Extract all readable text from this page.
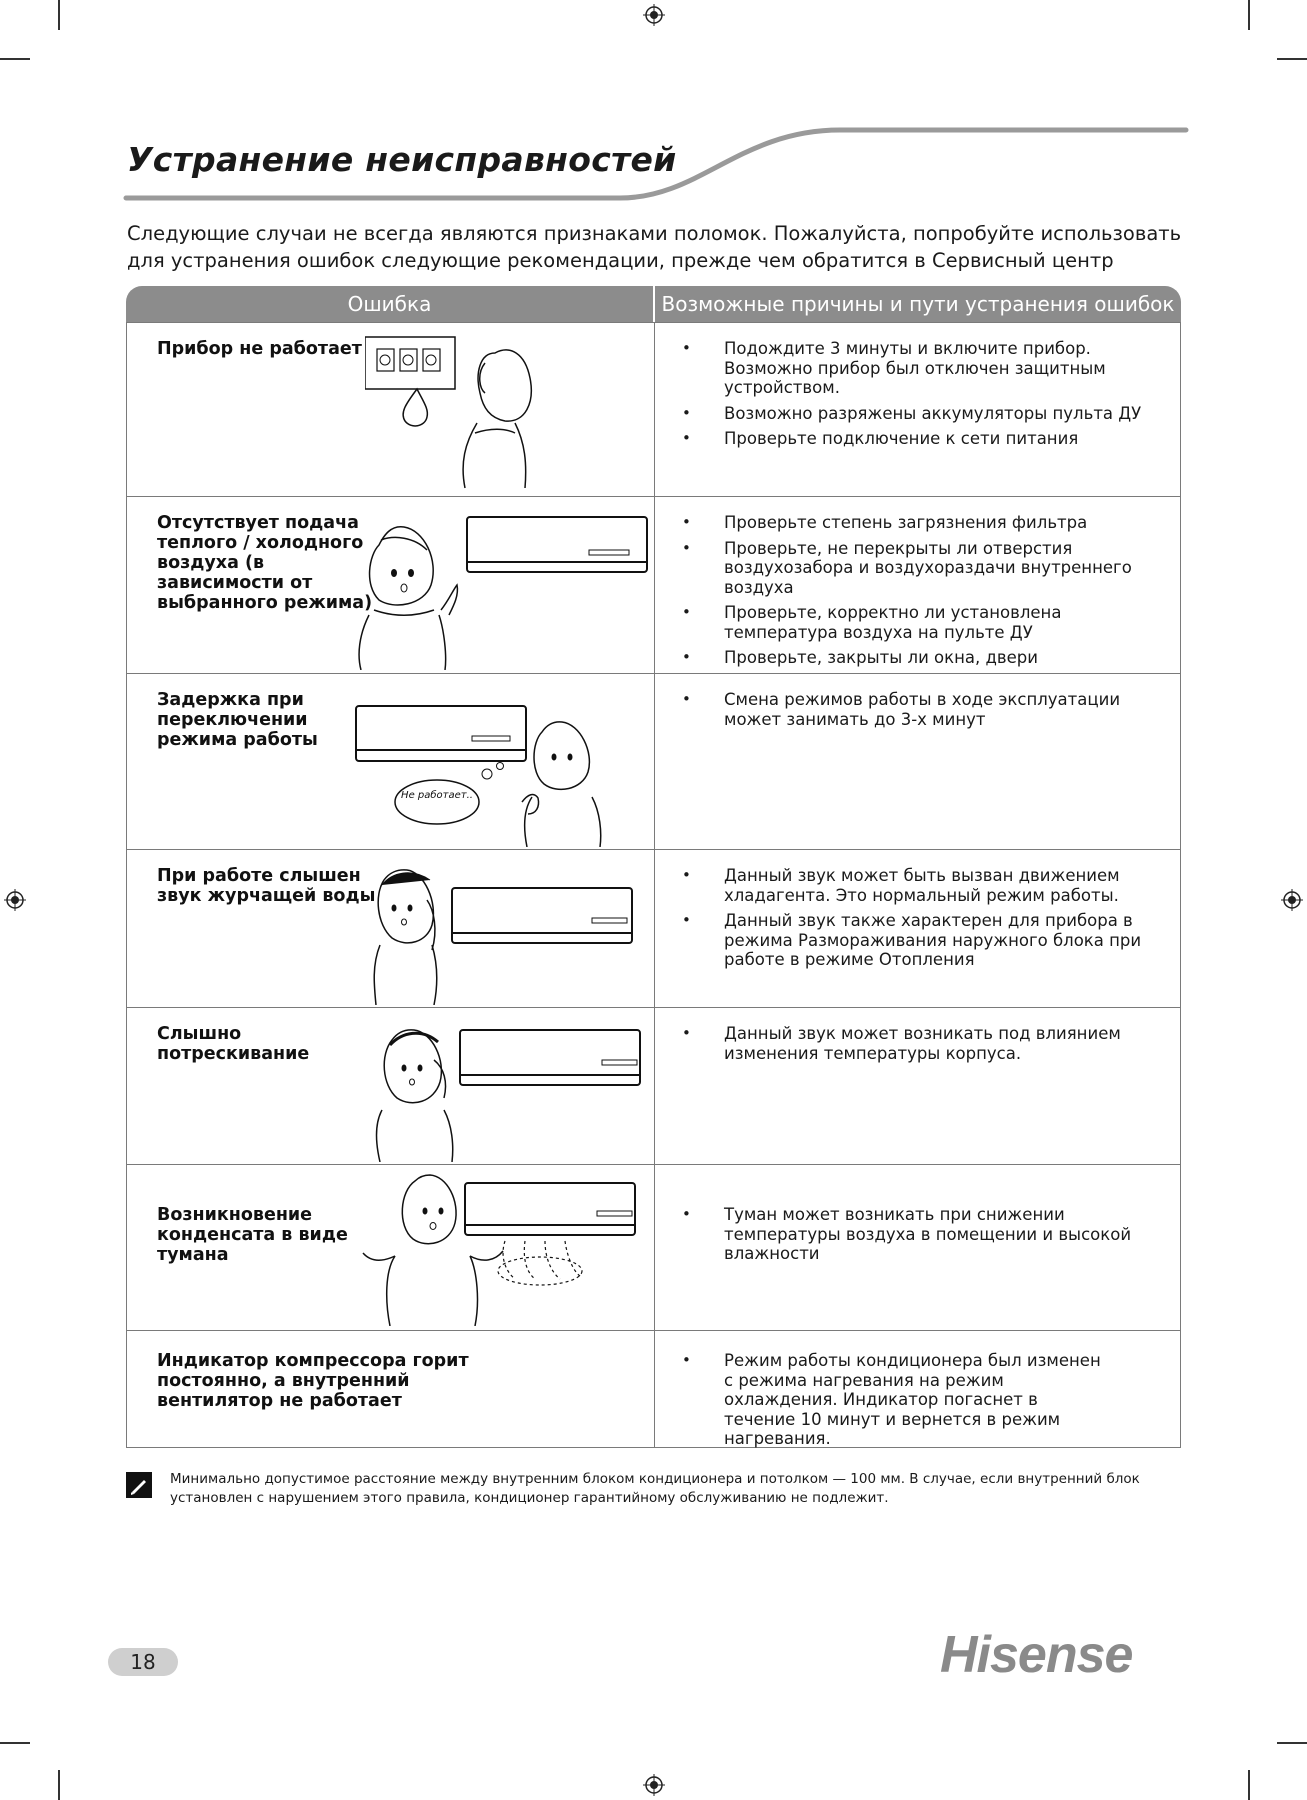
Устранение неисправностей
Следующие случаи не всегда являются признаками поломок. Пожалуйста, попробуйте использовать для устранения ошибок следующие рекомендации, прежде чем обратится в Сервисный центр
Ошибка	Возможные причины и пути устранения ошибок
Прибор не работает
•	Подождите 3 минуты и включите прибор. Возможно прибор был отключен защитным устройством.
• Возможно разряжены аккумуляторы пульта ДУ
• Проверьте подключение к сети питания
Отсутствует подача теплого / холодного воздуха (в зависимости от выбранного режима)
• Проверьте степень загрязнения фильтра
• Проверьте, не перекрыты ли отверстия воздухозабора и воздухораздачи внутреннего воздуха
• Проверьте, корректно ли установлена температура воздуха на пульте ДУ
• Проверьте, закрыты ли окна, двери
Задержка при переключении режима работы
Не работает..
• Смена режимов работы в ходе эксплуатации может занимать до 3-х минут
При работе слышен звук журчащей воды
• Данный звук может быть вызван движением хладагента. Это нормальный режим работы.
• Данный звук также характерен для прибора в режима Размораживания наружного блока при работе в режиме Отопления
Слышно потрескивание
• Данный звук может возникать под влиянием изменения температуры корпуса.
Возникновение конденсата в виде тумана
• Туман может возникать при снижении температуры воздуха в помещении и высокой влажности
Индикатор компрессора горит постоянно, а внутренний вентилятор не работает
• Режим работы кондиционера был изменен с режима нагревания на режим охлаждения. Индикатор погаснет в течение 10 минут и вернется в режим нагревания.
Минимально допустимое расстояние между внутренним блоком кондиционера и потолком — 100 мм. В случае, если внутренний блок установлен с нарушением этого правила, кондиционер гарантийному обслуживанию не подлежит.
18	Hisense
